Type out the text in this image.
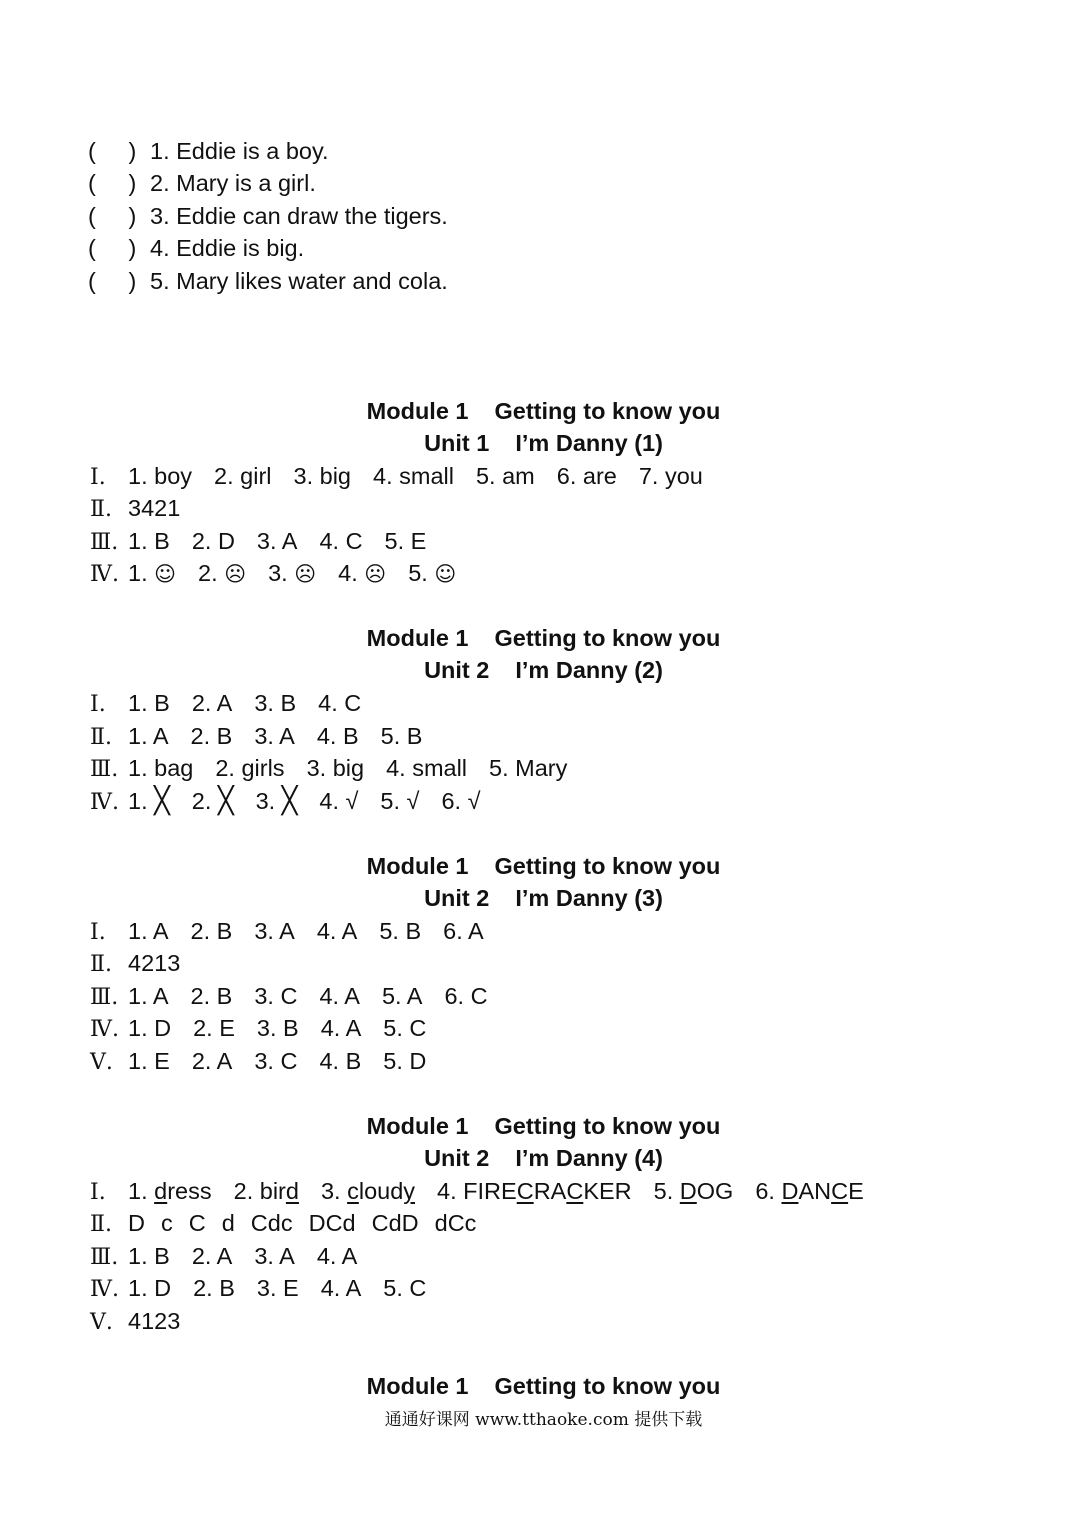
(     ) 1. Eddie is a boy.
(     ) 2. Mary is a girl.
(     ) 3. Eddie can draw the tigers.
(     ) 4. Eddie is big.
(     ) 5. Mary likes water and cola.
Module 1 Getting to know you
Unit 1 I’m Danny (1)
Ⅰ. 1. boy 2. girl 3. big 4. small 5. am 6. are 7. you
Ⅱ. 3421
Ⅲ. 1. B 2. D 3. A 4. C 5. E
Ⅳ. 1. ☺ 2. ☹ 3. ☹ 4. ☹ 5. ☺
Module 1 Getting to know you
Unit 2 I’m Danny (2)
Ⅰ. 1. B 2. A 3. B 4. C
Ⅱ. 1. A 2. B 3. A 4. B 5. B
Ⅲ. 1. bag 2. girls 3. big 4. small 5. Mary
Ⅳ. 1. ╳ 2. ╳ 3. ╳ 4. √ 5. √ 6. √
Module 1 Getting to know you
Unit 2 I’m Danny (3)
Ⅰ. 1. A 2. B 3. A 4. A 5. B 6. A
Ⅱ. 4213
Ⅲ. 1. A 2. B 3. C 4. A 5. A 6. C
Ⅳ. 1. D 2. E 3. B 4. A 5. C
Ⅴ. 1. E 2. A 3. C 4. B 5. D
Module 1 Getting to know you
Unit 2 I’m Danny (4)
Ⅰ. 1. dress 2. bird 3. cloudy 4. FIRECRACKER 5. DOG 6. DANCE
Ⅱ. D c C d Cdc DCd CdD dCc
Ⅲ. 1. B 2. A 3. A 4. A
Ⅳ. 1. D 2. B 3. E 4. A 5. C
Ⅴ. 4123
Module 1 Getting to know you
通通好课网 www.tthaoke.com 提供下载
